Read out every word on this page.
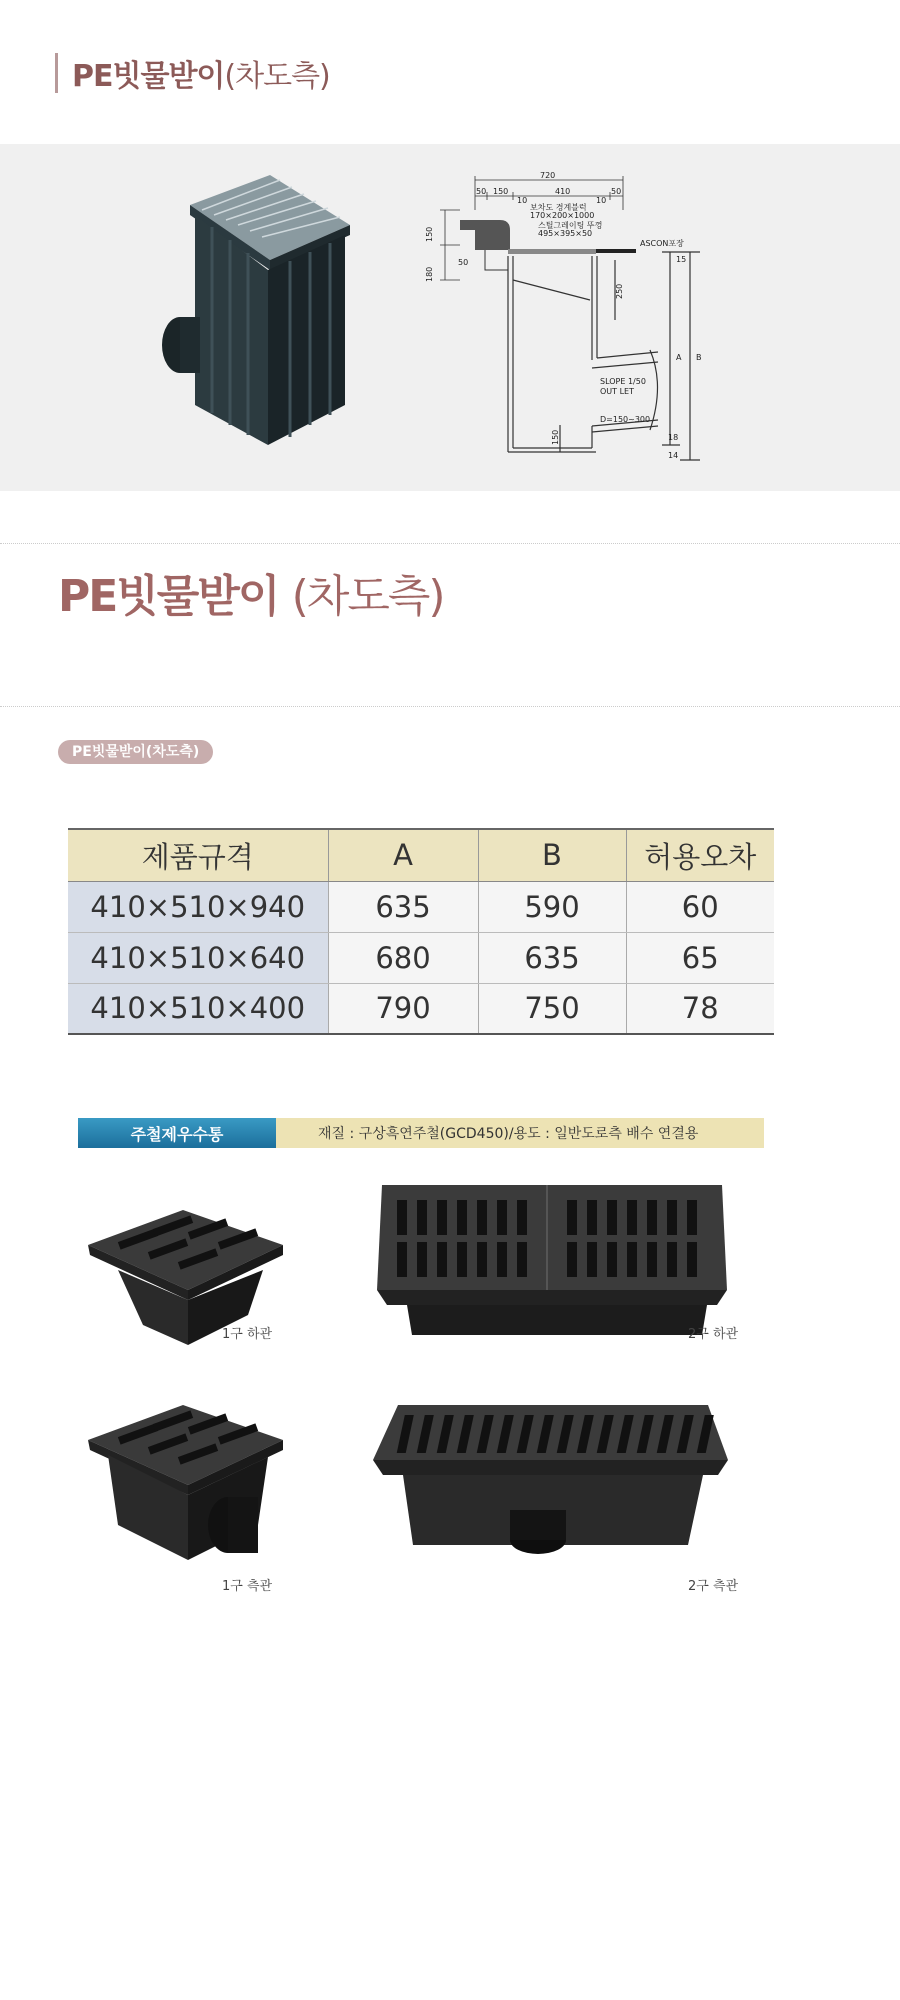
PE빗물받이(차도측)
720
50 150	410	50
10	10
150
180
50
250
150
보차도 경계블럭
170×200×1000
스틸그레이팅 뚜껑
495×395×50
ASCON포장
SLOPE 1/50
OUT LET
D=150~300
A B
18
14
15
PE빗물받이 (차도측)
PE빗물받이(차도측)
제품규격	A	B	허용오차
410×510×940	635	590	60
410×510×640	680	635	65
410×510×400	790	750	78
주철제우수통	재질 : 구상흑연주철(GCD450)/용도 : 일반도로측 배수 연결용
1구 하관	2구 하관
1구 측관	2구 측관
